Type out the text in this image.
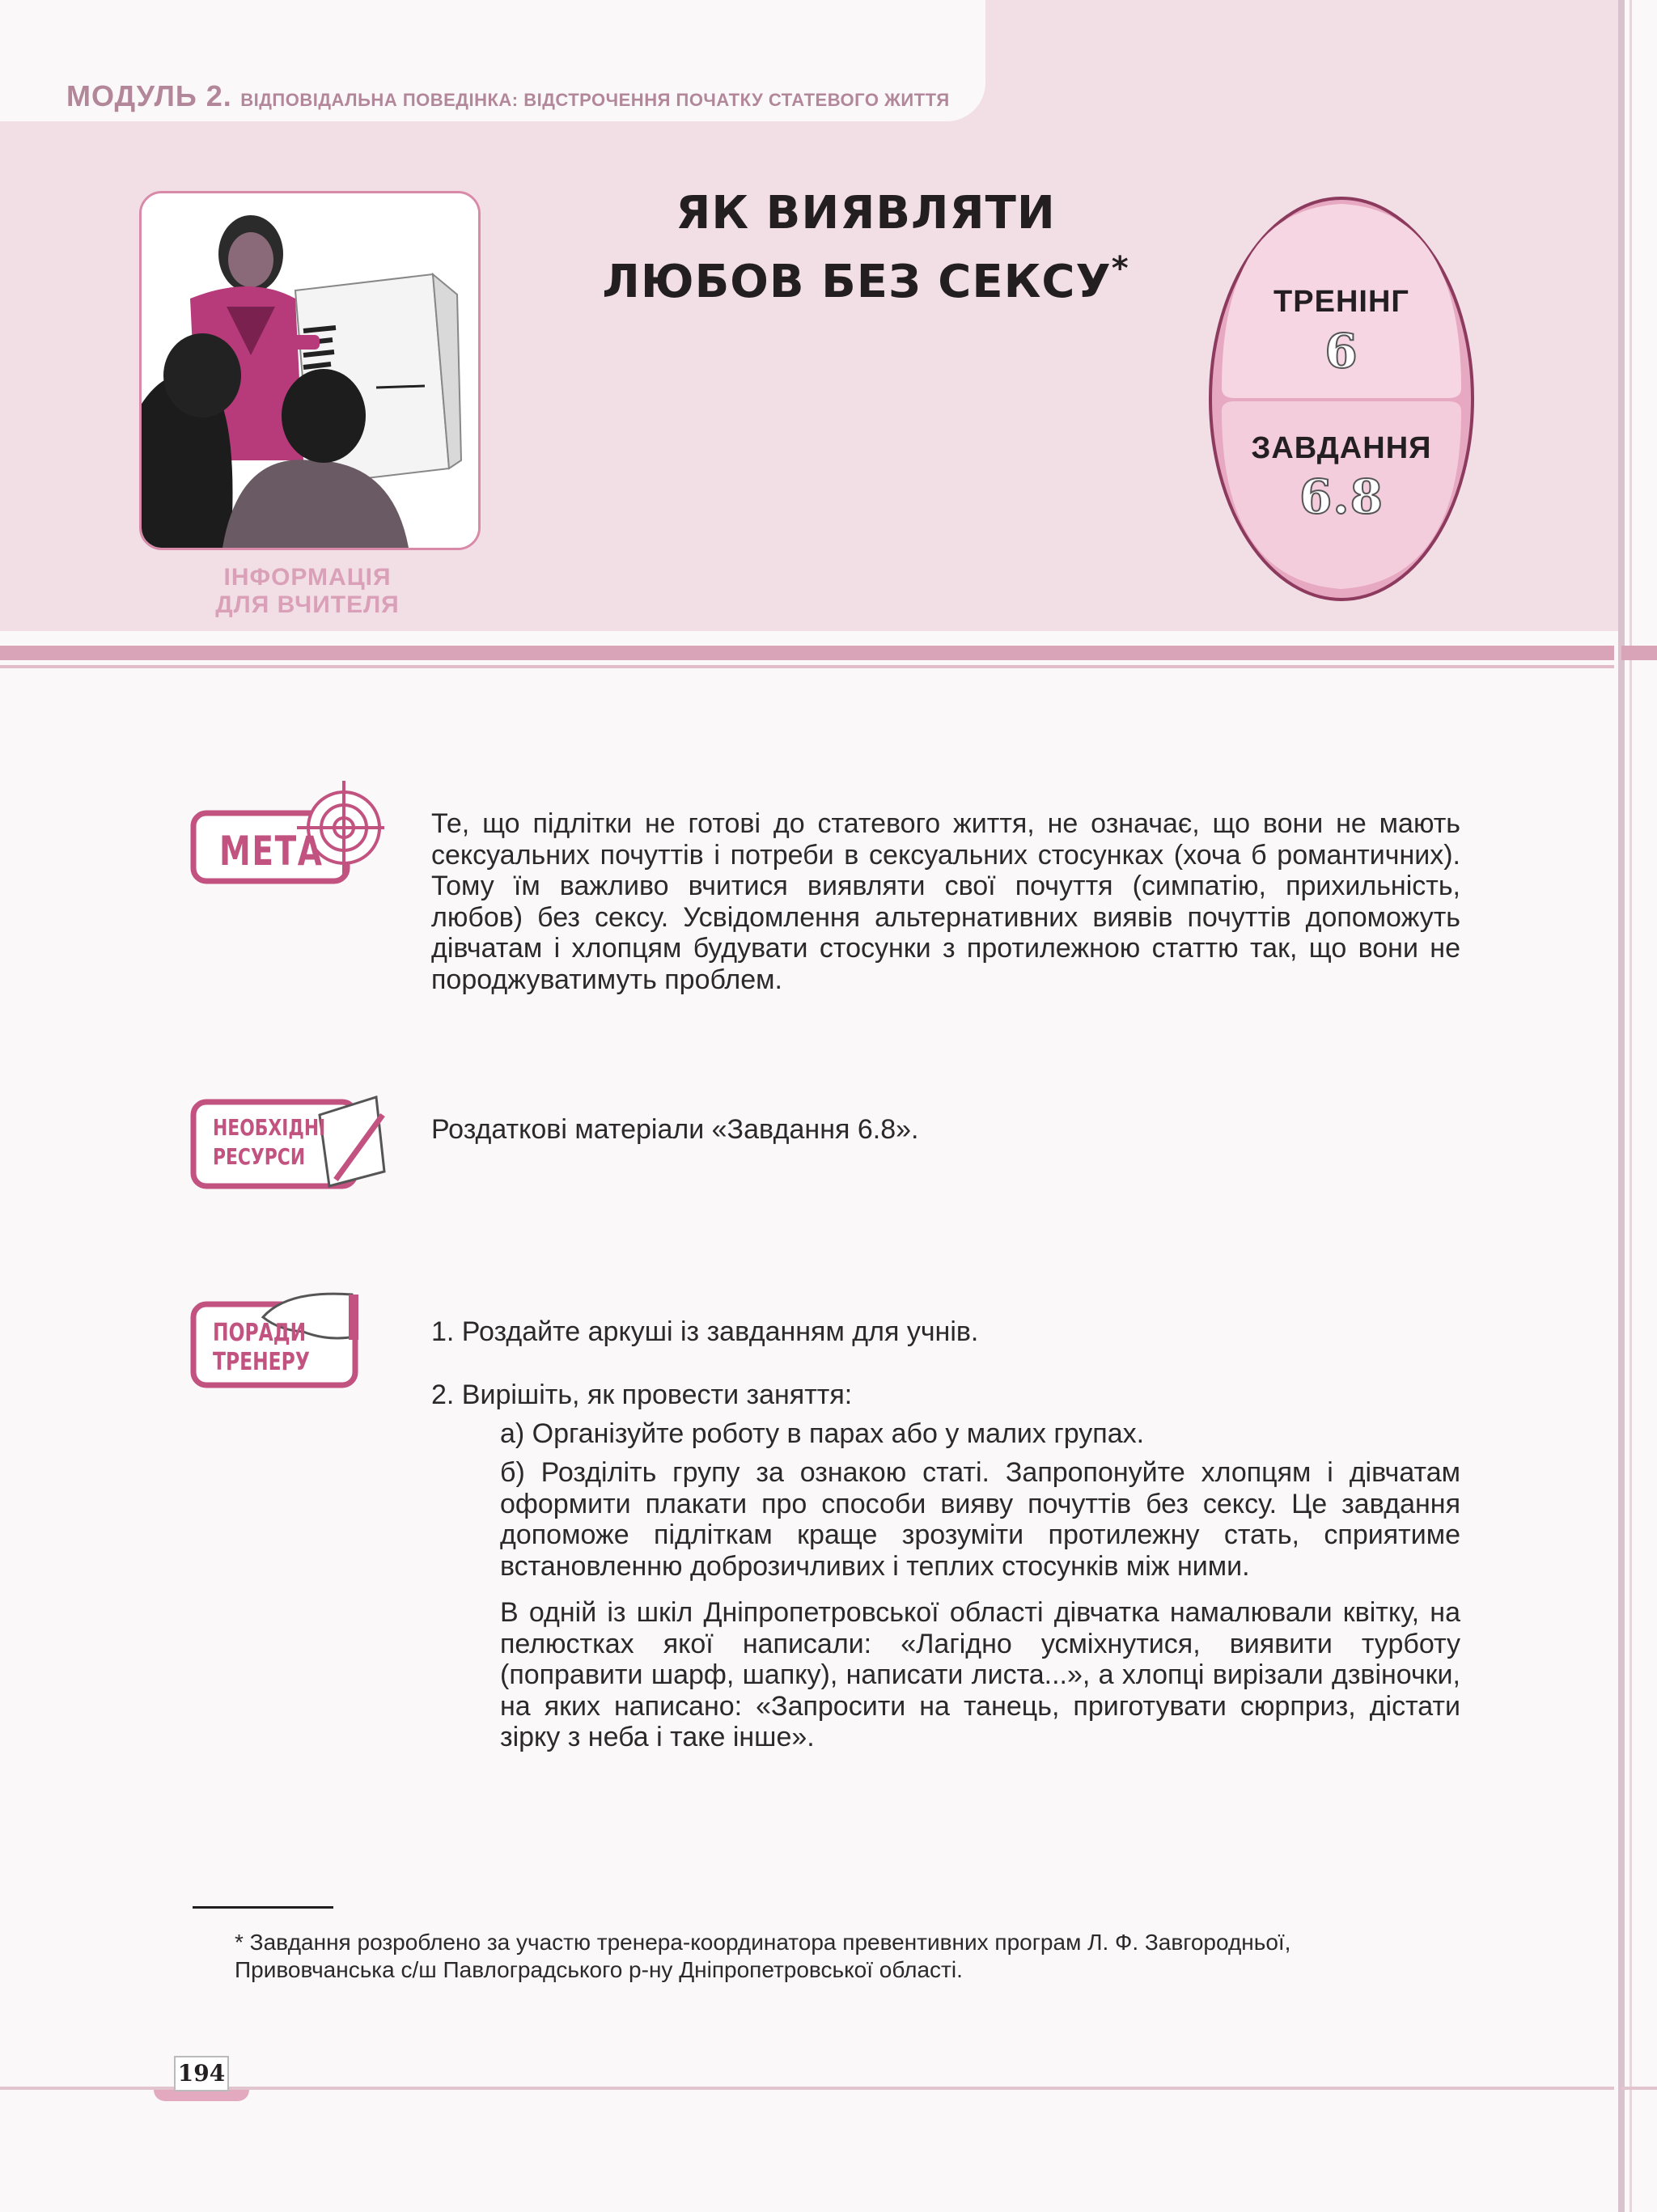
МОДУЛЬ 2. ВІДПОВІДАЛЬНА ПОВЕДІНКА: ВІДСТРОЧЕННЯ ПОЧАТКУ СТАТЕВОГО ЖИТТЯ
ІНФОРМАЦІЯ
ДЛЯ ВЧИТЕЛЯ
ЯК ВИЯВЛЯТИ
ЛЮБОВ БЕЗ СЕКСУ*
ТРЕНІНГ
6
ЗАВДАННЯ
6.8
МЕТА
Те, що підлітки не готові до статевого життя, не означає, що вони не мають сексуальних почуттів і потреби в сексуальних стосунках (хоча б романтичних). Тому їм важливо вчитися виявляти свої почуття (симпатію, прихильність, любов) без сексу. Усвідомлення альтернативних виявів почуттів допоможуть дівчатам і хлопцям будувати стосунки з протилежною статтю так, що вони не породжуватимуть проблем.
НЕОБХІДНІ
РЕСУРСИ
Роздаткові матеріали «Завдання 6.8».
ПОРАДИ
ТРЕНЕРУ
1. Роздайте аркуші із завданням для учнів.
2. Вирішіть, як провести заняття:
а) Організуйте роботу в парах або у малих групах.
б) Розділіть групу за ознакою статі. Запропонуйте хлопцям і дівчатам оформити плакати про способи вияву почуттів без сексу. Це завдання допоможе підліткам краще зрозуміти протилежну стать, сприятиме встановленню доброзичливих і теплих стосунків між ними.
В одній із шкіл Дніпропетровської області дівчатка намалювали квітку, на пелюстках якої написали: «Лагідно усміхнутися, виявити турботу (поправити шарф, шапку), написати листа...», а хлопці вирізали дзвіночки, на яких написано: «Запросити на танець, приготувати сюрприз, дістати зірку з неба і таке інше».
* Завдання розроблено за участю тренера-координатора превентивних програм Л. Ф. Завгородньої,
Привовчанська с/ш Павлоградського р-ну Дніпропетровської області.
194
